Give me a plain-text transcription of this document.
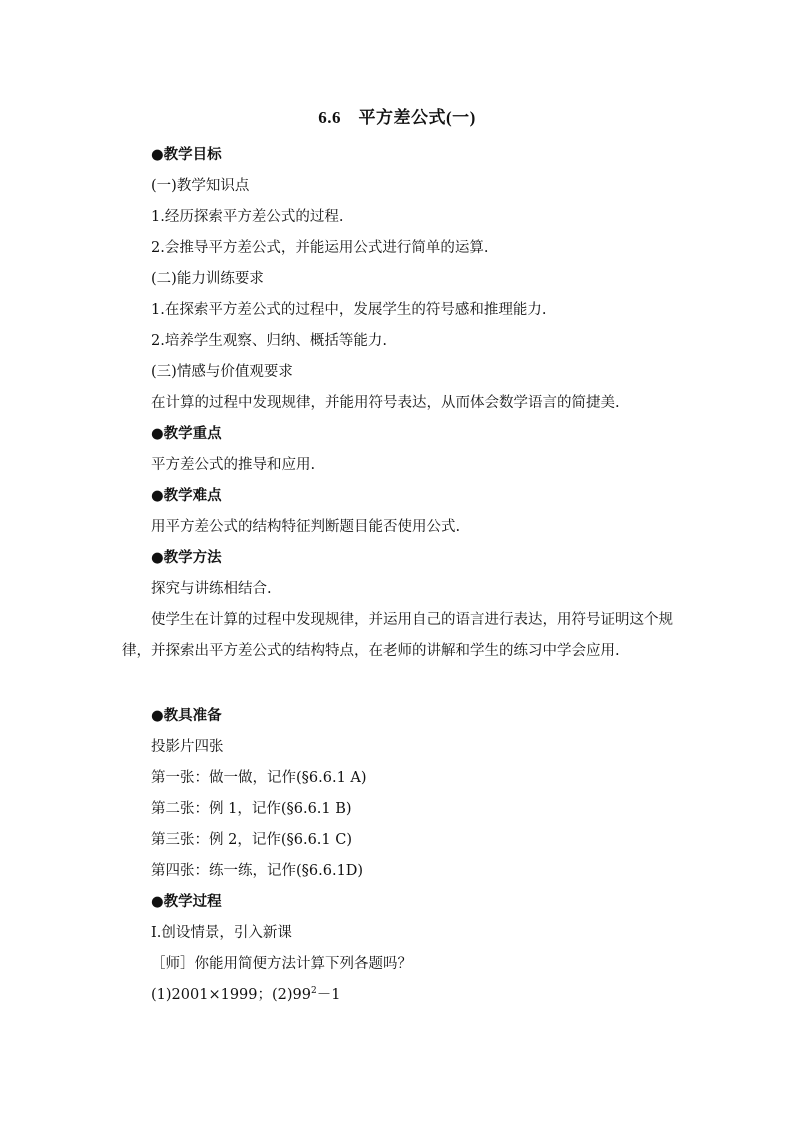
6.6　平方差公式(一)
●教学目标
(一)教学知识点
1.经历探索平方差公式的过程.
2.会推导平方差公式，并能运用公式进行简单的运算.
(二)能力训练要求
1.在探索平方差公式的过程中，发展学生的符号感和推理能力.
2.培养学生观察、归纳、概括等能力.
(三)情感与价值观要求
在计算的过程中发现规律，并能用符号表达，从而体会数学语言的简捷美.
●教学重点
平方差公式的推导和应用.
●教学难点
用平方差公式的结构特征判断题目能否使用公式.
●教学方法
探究与讲练相结合.
使学生在计算的过程中发现规律，并运用自己的语言进行表达，用符号证明这个规律，并探索出平方差公式的结构特点，在老师的讲解和学生的练习中学会应用.
●教具准备
投影片四张
第一张：做一做，记作(§6.6.1 A)
第二张：例 1，记作(§6.6.1 B)
第三张：例 2，记作(§6.6.1 C)
第四张：练一练，记作(§6.6.1D)
●教学过程
Ⅰ.创设情景，引入新课
［师］你能用简便方法计算下列各题吗？
(1)2001×1999；$(2)99^2-1$
